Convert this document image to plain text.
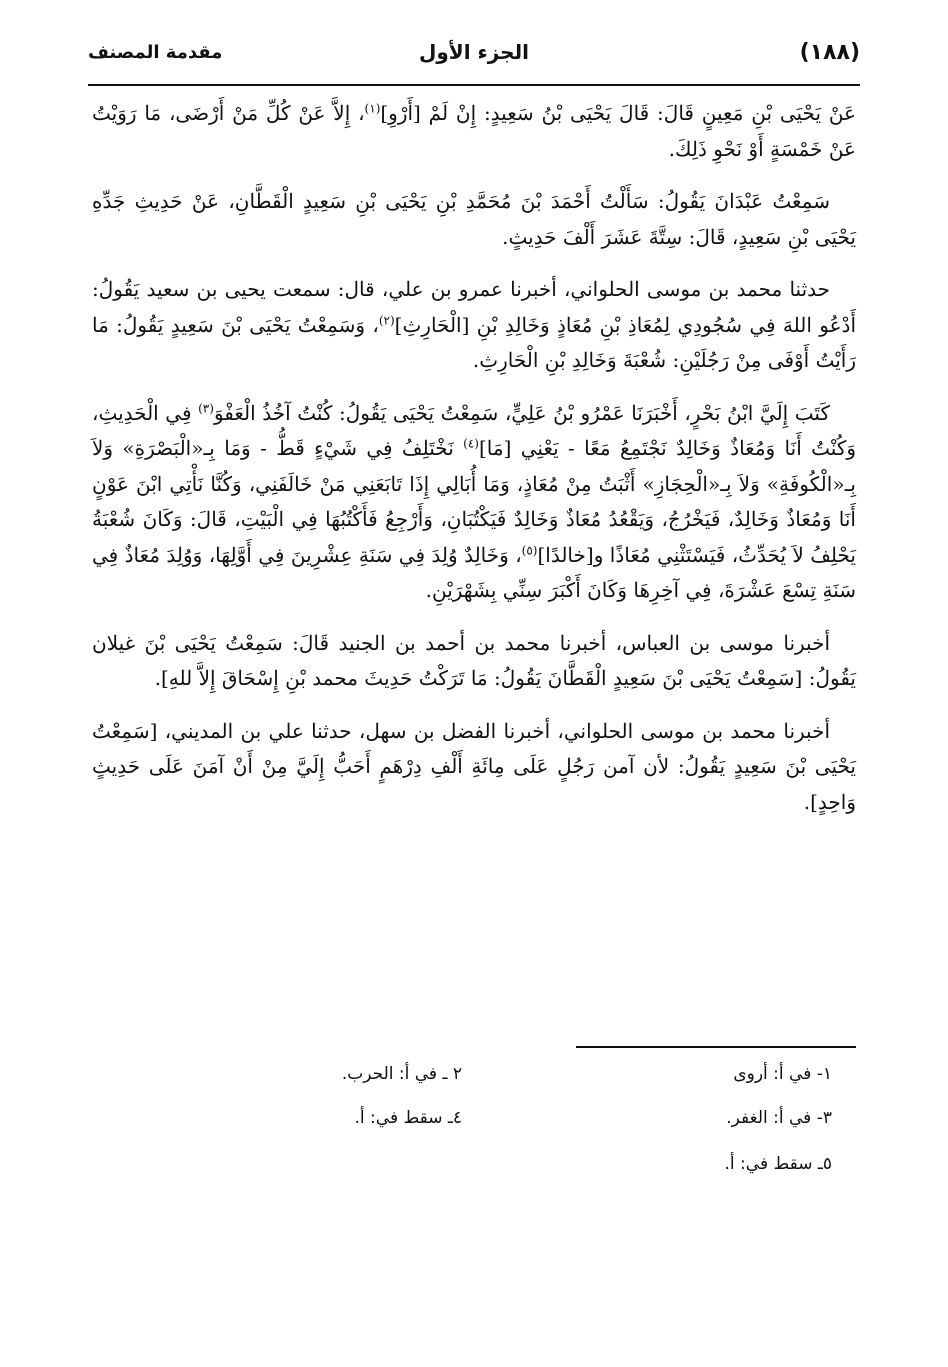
(١٨٨)
الجزء الأول
مقدمة المصنف

عَنْ يَحْيَى بْنِ مَعِينٍ قَالَ: قَالَ يَحْيَى بْنُ سَعِيدٍ: إِنْ لَمْ [أَرْوِ]$^{(١)}$، إِلاَّ عَنْ كُلِّ مَنْ أَرْضَى، مَا رَوَيْتُ عَنْ خَمْسَةٍ أَوْ نَحْوِ ذَلِكَ.

سَمِعْتُ عَبْدَانَ يَقُولُ: سَأَلْتُ أَحْمَدَ بْنَ مُحَمَّدِ بْنِ يَحْيَى بْنِ سَعِيدٍ الْقَطَّانِ، عَنْ حَدِيثِ جَدِّهِ يَحْيَى بْنِ سَعِيدٍ، قَالَ: سِتَّةَ عَشَرَ أَلْفَ حَدِيثٍ.

حدثنا محمد بن موسى الحلواني، أخبرنا عمرو بن علي، قال: سمعت يحيى بن سعيد يَقُولُ: أَدْعُو اللهَ فِي سُجُودِي لِمُعَاذِ بْنِ مُعَاذٍ وَخَالِدِ بْنِ [الْحَارِثِ]$^{(٢)}$، وَسَمِعْتُ يَحْيَى بْنَ سَعِيدٍ يَقُولُ: مَا رَأَيْتُ أَوْفَى مِنْ رَجُلَيْنِ: شُعْبَةَ وَخَالِدِ بْنِ الْحَارِثِ.

كَتَبَ إِلَيَّ ابْنُ بَحْرٍ، أَخْبَرَنَا عَمْرُو بْنُ عَلِيٍّ، سَمِعْتُ يَحْيَى يَقُولُ: كُنْتُ آخُذُ الْعَفْوَ$^{(٣)}$ فِي الْحَدِيثِ، وَكُنْتُ أَنَا وَمُعَاذٌ وَخَالِدٌ نَجْتَمِعُ مَعًا - يَعْنِي [مَا]$^{(٤)}$ نَخْتَلِفُ فِي شَيْءٍ قَطُّ - وَمَا بِـ«الْبَصْرَةِ» وَلاَ بِـ«الْكُوفَةِ» وَلاَ بِـ«الْحِجَازِ» أَثْبَتُ مِنْ مُعَاذٍ، وَمَا أُبَالِي إِذَا تَابَعَنِي مَنْ خَالَفَنِي، وَكُنَّا نَأْتِي ابْنَ عَوْنٍ أَنَا وَمُعَاذٌ وَخَالِدٌ، فَيَخْرُجُ، وَيَقْعُدُ مُعَاذٌ وَخَالِدٌ فَيَكْتُبَانِ، وَأَرْجِعُ فَأَكْتُبُهَا فِي الْبَيْتِ، قَالَ: وَكَانَ شُعْبَةُ يَحْلِفُ لاَ يُحَدِّثُ، فَيَسْتَثْنِي مُعَاذًا و[خالدًا]$^{(٥)}$، وَخَالِدٌ وُلِدَ فِي سَنَةِ عِشْرِينَ فِي أَوَّلِهَا، وَوُلِدَ مُعَاذٌ فِي سَنَةِ تِسْعَ عَشْرَةَ، فِي آخِرِهَا وَكَانَ أَكْبَرَ سِنِّي بِشَهْرَيْنِ.

أخبرنا موسى بن العباس، أخبرنا محمد بن أحمد بن الجنيد قَالَ: سَمِعْتُ يَحْيَى بْنَ غيلان يَقُولُ: [سَمِعْتُ يَحْيَى بْنَ سَعِيدٍ الْقَطَّانَ يَقُولُ: مَا تَرَكْتُ حَدِيثَ محمد بْنِ إِسْحَاقَ إِلاَّ للهِ].

أخبرنا محمد بن موسى الحلواني، أخبرنا الفضل بن سهل، حدثنا علي بن المديني، [سَمِعْتُ يَحْيَى بْنَ سَعِيدٍ يَقُولُ: لأن آمن رَجُلٍ عَلَى مِائَةِ أَلْفِ دِرْهَمٍ أَحَبُّ إِلَيَّ مِنْ أَنْ آمَنَ عَلَى حَدِيثٍ وَاحِدٍ].

١- في أ: أروى
٢ ـ في أ: الحرب.
٣- في أ: الغفر.
٤ـ سقط في: أ.
٥ـ سقط في: أ.
